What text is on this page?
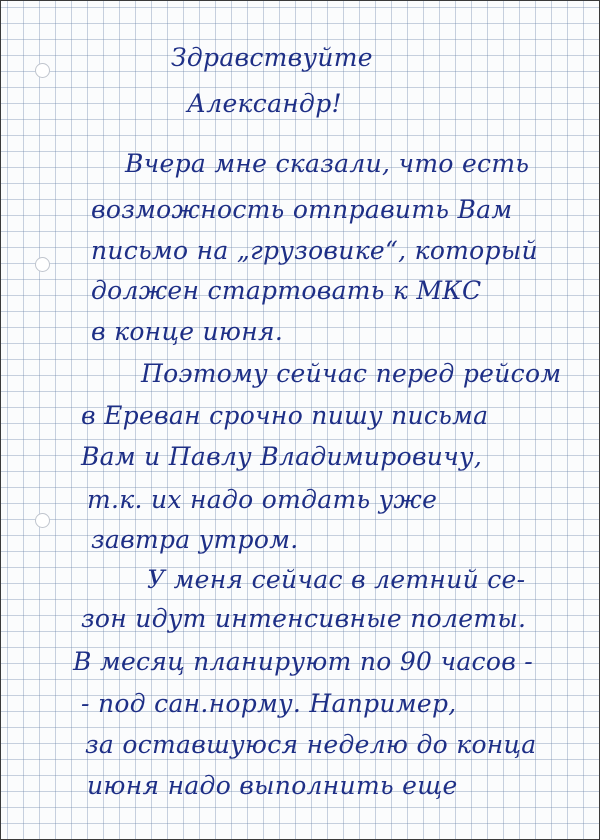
Здравствуйте
Александр!
Вчера мне сказали, что есть
возможность отправить Вам
письмо на „грузовике“, который
должен стартовать к МКС
в конце июня.
Поэтому сейчас перед рейсом
в Ереван срочно пишу письма
Вам и Павлу Владимировичу,
т.к. их надо отдать уже
завтра утром.
У меня сейчас в летний се-
зон идут интенсивные полеты.
В месяц планируют по 90 часов -
- под сан.норму. Например,
за оставшуюся неделю до конца
июня надо выполнить еще
